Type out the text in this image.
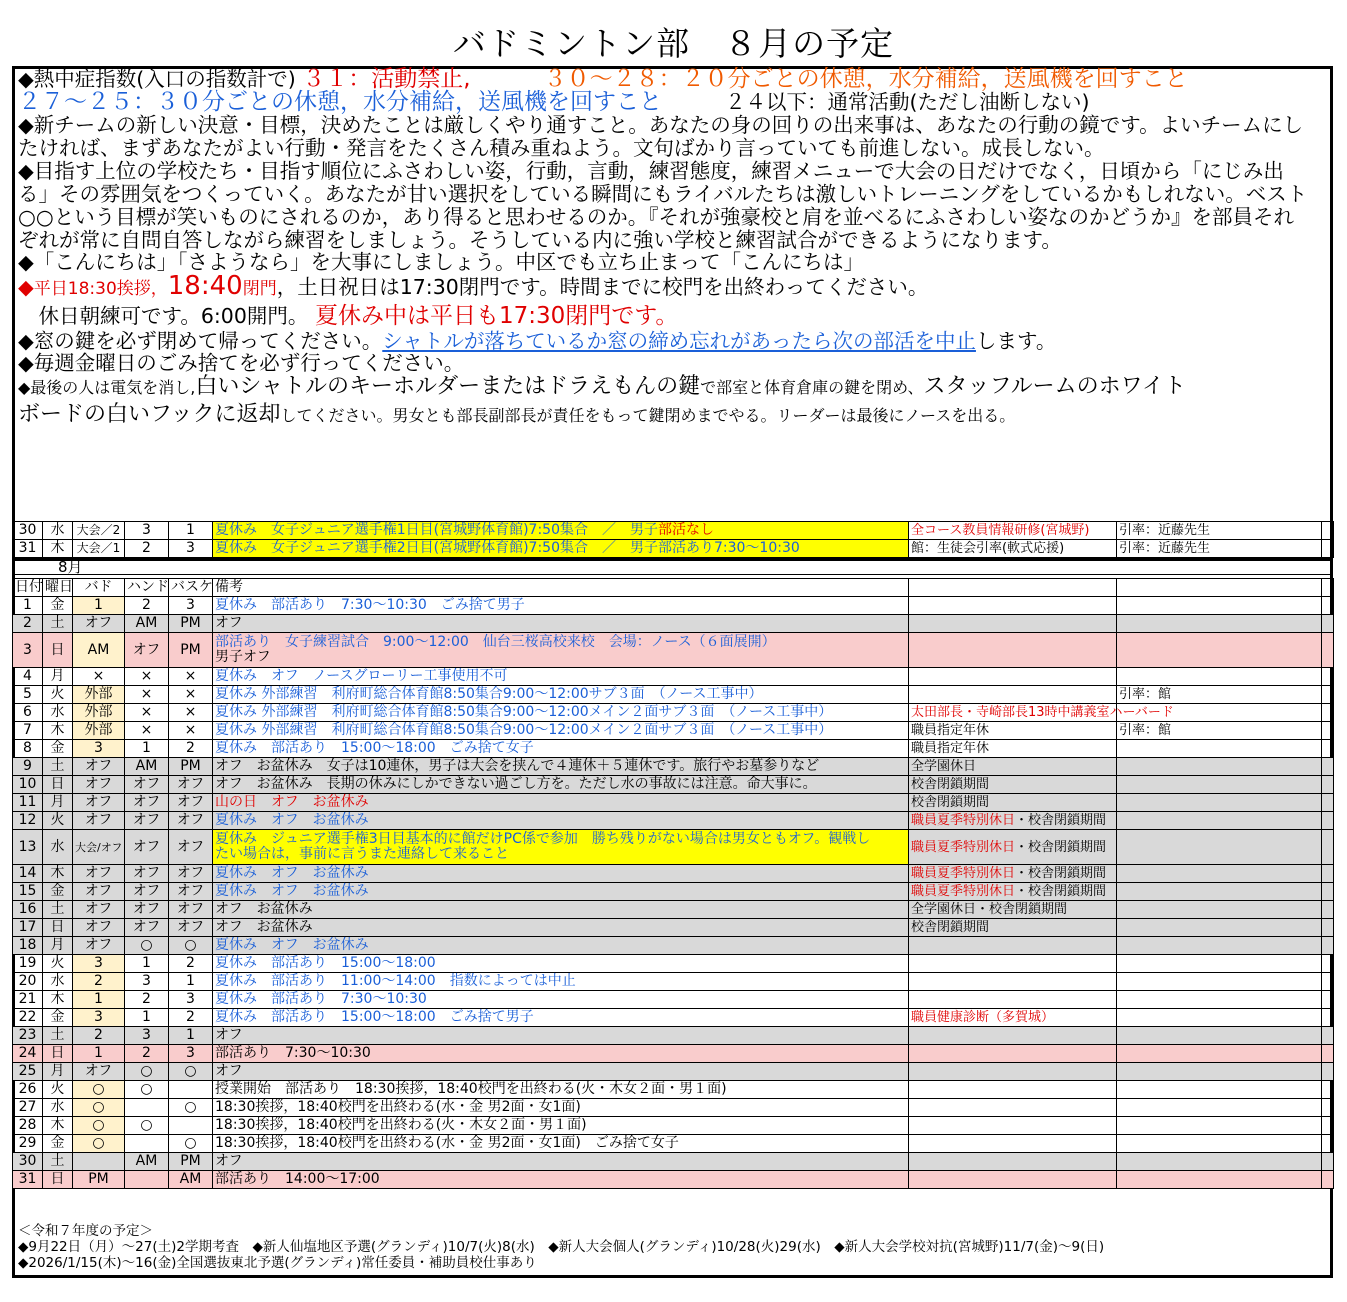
バドミントン部　８月の予定
◆熱中症指数(入口の指数計で) ３１：活動禁止,	３０～２８：２０分ごとの休憩，水分補給，送風機を回すこと
２７～２５：３０分ごとの休憩，水分補給，送風機を回すこと	２４以下：通常活動(ただし油断しない)
◆新チームの新しい決意・目標，決めたことは厳しくやり通すこと。あなたの身の回りの出来事は、あなたの行動の鏡です。よいチームにし
たければ、まずあなたがよい行動・発言をたくさん積み重ねよう。文句ばかり言っていても前進しない。成長しない。
◆目指す上位の学校たち・目指す順位にふさわしい姿，行動，言動，練習態度，練習メニューで大会の日だけでなく，日頃から「にじみ出
る」その雰囲気をつくっていく。あなたが甘い選択をしている瞬間にもライバルたちは激しいトレーニングをしているかもしれない。ベスト
○○という目標が笑いものにされるのか，あり得ると思わせるのか。『それが強豪校と肩を並べるにふさわしい姿なのかどうか』を部員それ
ぞれが常に自問自答しながら練習をしましょう。そうしている内に強い学校と練習試合ができるようになります。
◆「こんにちは」「さようなら」を大事にしましょう。中区でも立ち止まって「こんにちは」
◆平日18:30挨拶，18:40閉門，土日祝日は17:30閉門です。時間までに校門を出終わってください。
　休日朝練可です。6:00開門。 夏休み中は平日も17:30閉門です。
◆窓の鍵を必ず閉めて帰ってください。シャトルが落ちているか窓の締め忘れがあったら次の部活を中止します。
◆毎週金曜日のごみ捨てを必ず行ってください。
◆最後の人は電気を消し,白いシャトルのキーホルダーまたはドラえもんの鍵で部室と体育倉庫の鍵を閉め、スタッフルームのホワイト
ボードの白いフックに返却してください。男女とも部長副部長が責任をもって鍵閉めまでやる。リーダーは最後にノースを出る。
30	水	大会／2	3	1	夏休み　女子ジュニア選手権1日目(宮城野体育館)7:50集合　／　男子部活なし	全コース教員情報研修(宮城野)	引率：近藤先生	
31	木	大会／1	2	3	夏休み　女子ジュニア選手権2日目(宮城野体育館)7:50集合　／　男子部活あり7:30～10:30	館：生徒会引率(軟式応援)	引率：近藤先生	
8月
日付	曜日	バド	ハンド	バスケ	備考			
1	金	1	2	3	夏休み　部活あり　7:30～10:30　ごみ捨て男子			
2	土	オフ	AM	PM	オフ			
3	日	AM	オフ	PM	部活あり　女子練習試合　9:00～12:00　仙台三桜高校来校　会場：ノース（６面展開）
男子オフ			
4	月	×	×	×	夏休み　オフ　ノースグローリー工事使用不可			
5	火	外部	×	×	夏休み 外部練習　利府町総合体育館8:50集合9:00～12:00サブ３面　（ノース工事中）		引率：館	
6	水	外部	×	×	夏休み 外部練習　利府町総合体育館8:50集合9:00～12:00メイン２面サブ３面　（ノース工事中）	太田部長・寺崎部長13時中講義室ハーバード		
7	木	外部	×	×	夏休み 外部練習　利府町総合体育館8:50集合9:00～12:00メイン２面サブ３面　（ノース工事中）	職員指定年休	引率：館	
8	金	3	1	2	夏休み　部活あり　15:00～18:00　ごみ捨て女子	職員指定年休		
9	土	オフ	AM	PM	オフ　お盆休み　女子は10連休，男子は大会を挟んで４連休＋５連休です。旅行やお墓参りなど	全学園休日		
10	日	オフ	オフ	オフ	オフ　お盆休み　長期の休みにしかできない過ごし方を。ただし水の事故には注意。命大事に。	校舎閉鎖期間		
11	月	オフ	オフ	オフ	山の日　オフ　お盆休み	校舎閉鎖期間		
12	火	オフ	オフ	オフ	夏休み　オフ　お盆休み	職員夏季特別休日・校舎閉鎖期間		
13	水	大会/オフ	オフ	オフ	夏休み　ジュニア選手権3日目基本的に館だけPC係で参加　勝ち残りがない場合は男女ともオフ。観戦し
たい場合は，事前に言うまた連絡して来ること	職員夏季特別休日・校舎閉鎖期間		
14	木	オフ	オフ	オフ	夏休み　オフ　お盆休み	職員夏季特別休日・校舎閉鎖期間		
15	金	オフ	オフ	オフ	夏休み　オフ　お盆休み	職員夏季特別休日・校舎閉鎖期間		
16	土	オフ	オフ	オフ	オフ　お盆休み	全学園休日・校舎閉鎖期間		
17	日	オフ	オフ	オフ	オフ　お盆休み	校舎閉鎖期間		
18	月	オフ	○	○	夏休み　オフ　お盆休み			
19	火	3	1	2	夏休み　部活あり　15:00～18:00			
20	水	2	3	1	夏休み　部活あり　11:00～14:00　指数によっては中止			
21	木	1	2	3	夏休み　部活あり　7:30～10:30			
22	金	3	1	2	夏休み　部活あり　15:00～18:00　ごみ捨て男子	職員健康診断（多賀城）		
23	土	2	3	1	オフ			
24	日	1	2	3	部活あり　7:30～10:30			
25	月	オフ	○	○	オフ			
26	火	○	○		授業開始　部活あり　18:30挨拶，18:40校門を出終わる(火・木女２面・男１面)			
27	水	○		○	18:30挨拶，18:40校門を出終わる(水・金 男2面・女1面)			
28	木	○	○		18:30挨拶，18:40校門を出終わる(火・木女２面・男１面)			
29	金	○		○	18:30挨拶，18:40校門を出終わる(水・金 男2面・女1面)　ごみ捨て女子			
30	土		AM	PM	オフ			
31	日	PM		AM	部活あり　14:00～17:00			
＜令和７年度の予定＞
◆9月22日（月）～27(土)2学期考査　◆新人仙塩地区予選(グランディ)10/7(火)8(水)　◆新人大会個人(グランディ)10/28(火)29(水)　◆新人大会学校対抗(宮城野)11/7(金)～9(日)
◆2026/1/15(木)～16(金)全国選抜東北予選(グランディ)常任委員・補助員校仕事あり
